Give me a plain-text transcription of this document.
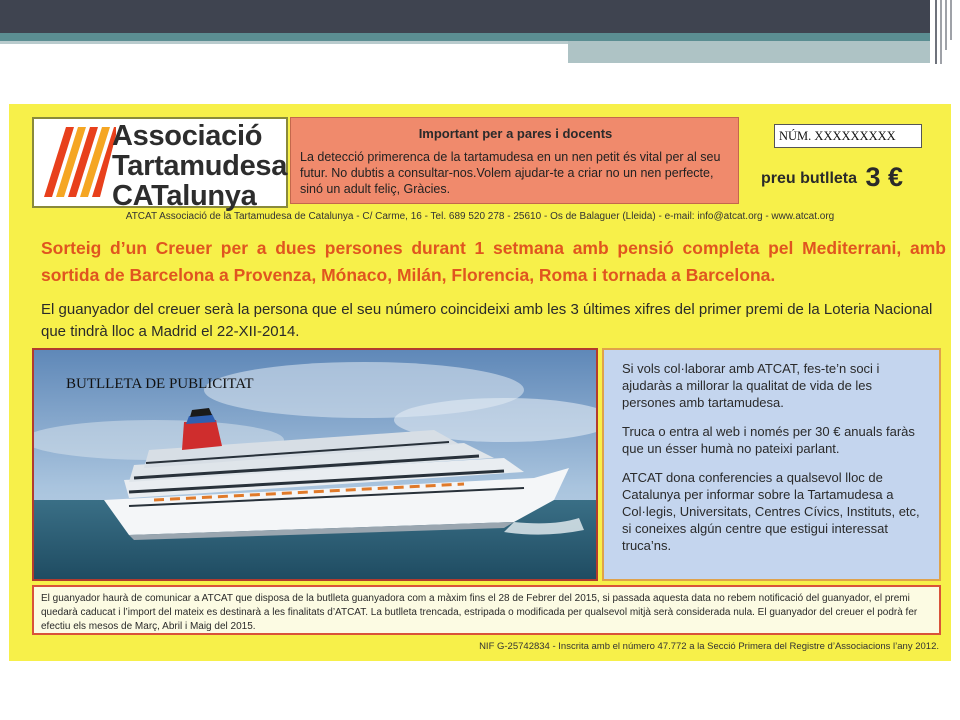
Associació
Tartamudesa
CATalunya
Important per a pares i docents
La detecció primerenca de la tartamudesa en un nen petit és vital per al seu futur. No dubtis a consultar-nos.Volem ajudar-te a criar no un nen perfecte, sinó un adult feliç, Gràcies.
NÚM. XXXXXXXXX
preu butlleta 3 €
ATCAT Associació de la Tartamudesa de Catalunya - C/ Carme, 16 - Tel. 689 520 278 - 25610 - Os de Balaguer (Lleida) - e-mail: info@atcat.org - www.atcat.org
Sorteig d’un Creuer per a dues persones durant 1 setmana amb pensió completa pel Mediterrani, amb sortida de Barcelona a Provenza, Mónaco, Milán, Florencia, Roma i tornada a Barcelona.
El guanyador del creuer serà la persona que el seu número coincideixi amb les 3 últimes xifres del primer premi de la Loteria Nacional que tindrà lloc a Madrid el 22-XII-2014.
BUTLLETA DE PUBLICITAT

Si vols col·laborar amb ATCAT, fes-te’n soci i ajudaràs a millorar la qualitat de vida de les persones amb tartamudesa.

Truca o entra al web i només per 30 € anuals faràs que un ésser humà no pateixi parlant.

ATCAT dona conferencies a qualsevol lloc de Catalunya per informar sobre la Tartamudesa a Col·legis, Universitats, Centres Cívics, Instituts, etc, si coneixes algún centre que estigui interessat truca’ns.

El guanyador haurà de comunicar a ATCAT que disposa de la butlleta guanyadora com a màxim fins el 28 de Febrer del 2015, si passada aquesta data no rebem notificació del guanyador, el premi quedarà caducat i l’import del mateix es destinarà a les finalitats d’ATCAT. La butlleta trencada, estripada o modificada per qualsevol mitjà serà considerada nula. El guanyador del creuer el podrà fer efectiu els mesos de Març, Abril i Maig del 2015.
NIF G-25742834 - Inscrita amb el número 47.772 a la Secció Primera del Registre d’Associacions l’any 2012.
